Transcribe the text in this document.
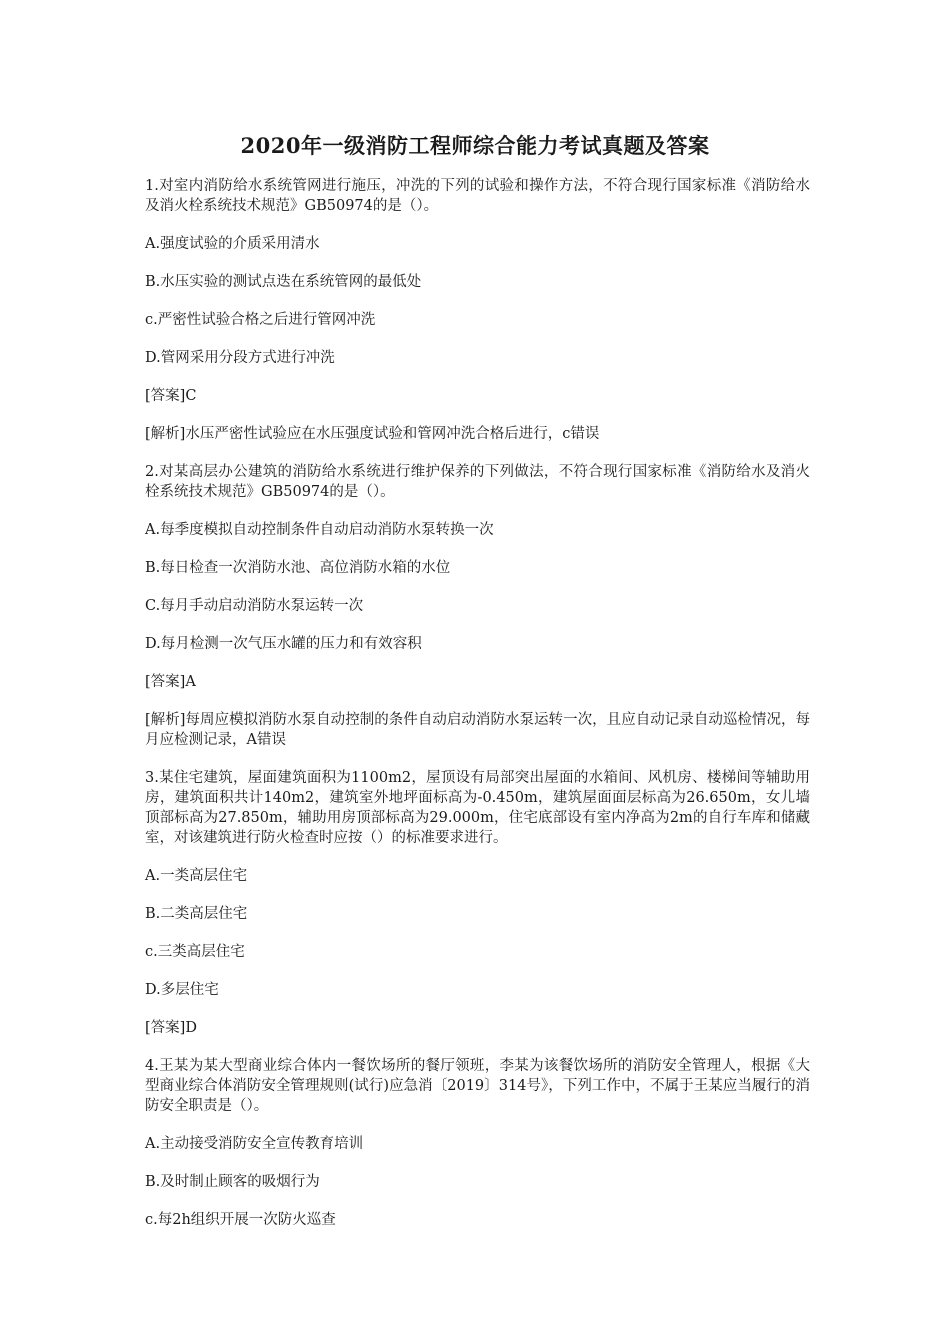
2020年一级消防工程师综合能力考试真题及答案

1.对室内消防给水系统管网进行施压，冲洗的下列的试验和操作方法，不符合现行国家标准《消防给水及消火栓系统技术规范》GB50974的是（）。

A.强度试验的介质采用清水

B.水压实验的测试点迭在系统管网的最低处

c.严密性试验合格之后进行管网冲洗

D.管网采用分段方式进行冲洗

[答案]C

[解析]水压严密性试验应在水压强度试验和管网冲洗合格后进行，c错误

2.对某高层办公建筑的消防给水系统进行维护保养的下列做法，不符合现行国家标准《消防给水及消火栓系统技术规范》GB50974的是（）。

A.每季度模拟自动控制条件自动启动消防水泵转换一次

B.每日检查一次消防水池、高位消防水箱的水位

C.每月手动启动消防水泵运转一次

D.每月检测一次气压水罐的压力和有效容积

[答案]A

[解析]每周应模拟消防水泵自动控制的条件自动启动消防水泵运转一次，且应自动记录自动巡检情况，每月应检测记录，A错误

3.某住宅建筑，屋面建筑面积为1100m2，屋顶设有局部突出屋面的水箱间、风机房、楼梯间等辅助用房，建筑面积共计140m2，建筑室外地坪面标高为-0.450m，建筑屋面面层标高为26.650m，女儿墙顶部标高为27.850m，辅助用房顶部标高为29.000m，住宅底部设有室内净高为2m的自行车库和储藏室，对该建筑进行防火检查时应按（）的标准要求进行。

A.一类高层住宅

B.二类高层住宅

c.三类高层住宅

D.多层住宅

[答案]D

4.王某为某大型商业综合体内一餐饮场所的餐厅领班，李某为该餐饮场所的消防安全管理人，根据《大型商业综合体消防安全管理规则(试行)应急消〔2019〕314号》，下列工作中，不属于王某应当履行的消防安全职责是（）。

A.主动接受消防安全宣传教育培训

B.及时制止顾客的吸烟行为

c.每2h组织开展一次防火巡查
